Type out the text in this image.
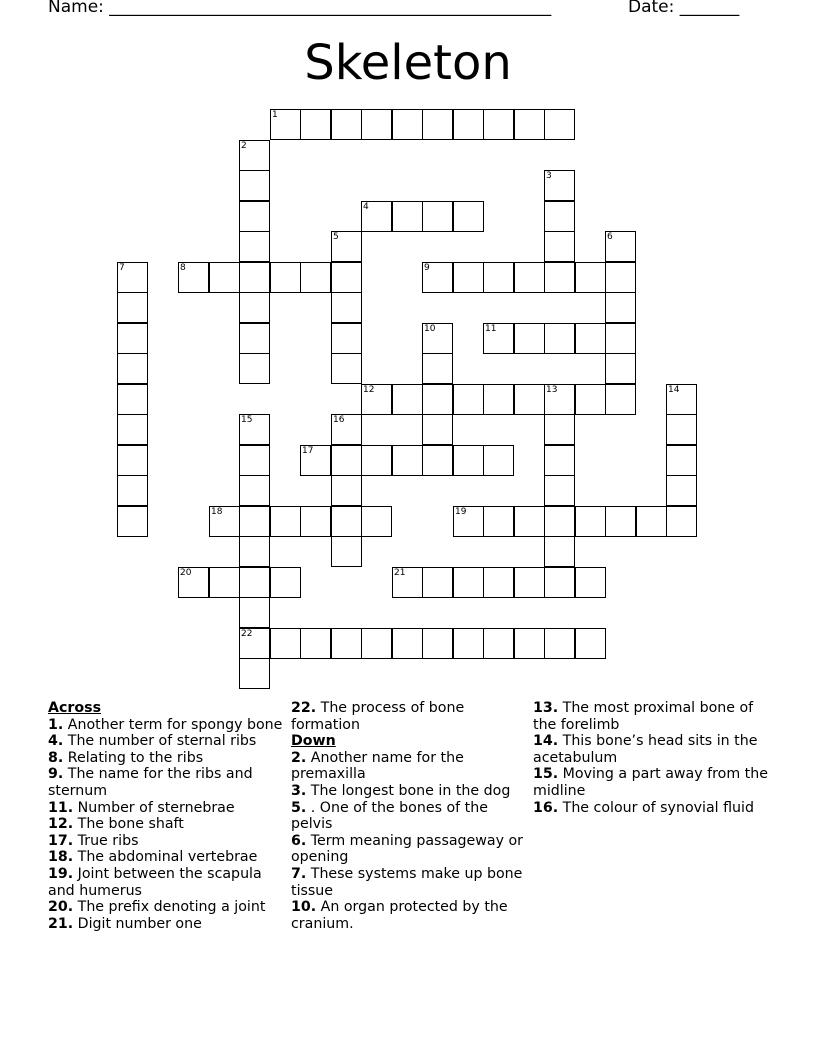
Name: ____________________________________________________	Date: _______
Skeleton
1
2
3
4
5	6
7	8	9
10	11
12	13	14
15
22
16
17
18	19
20	21

Across

1. Another term for spongy bone

4. The number of sternal ribs

8. Relating to the ribs

9. The name for the ribs and sternum

11. Number of sternebrae

12. The bone shaft

17. True ribs

18. The abdominal vertebrae

19. Joint between the scapula and humerus

20. The prefix denoting a joint

21. Digit number one

22. The process of bone formation

Down

2. Another name for the premaxilla

3. The longest bone in the dog

5. . One of the bones of the pelvis

6. Term meaning passageway or opening

7. These systems make up bone tissue

10. An organ protected by the cranium.

13. The most proximal bone of the forelimb

14. This bone’s head sits in the acetabulum

15. Moving a part away from the midline

16. The colour of synovial fluid
